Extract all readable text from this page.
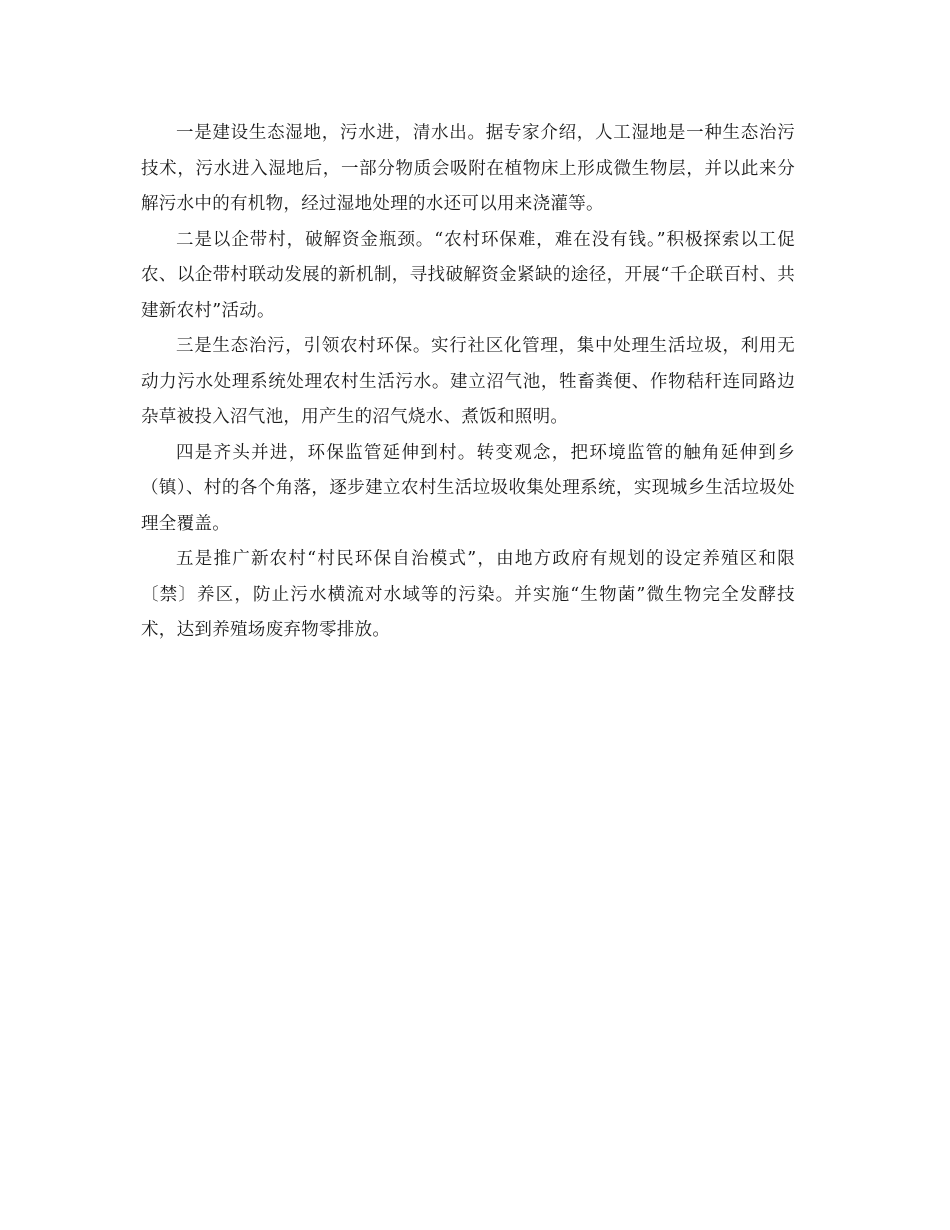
一是建设生态湿地，污水进，清水出。据专家介绍，人工湿地是一种生态治污技术，污水进入湿地后，一部分物质会吸附在植物床上形成微生物层，并以此来分解污水中的有机物，经过湿地处理的水还可以用来浇灌等。

二是以企带村，破解资金瓶颈。“农村环保难，难在没有钱。”积极探索以工促农、以企带村联动发展的新机制，寻找破解资金紧缺的途径，开展“千企联百村、共建新农村”活动。

三是生态治污，引领农村环保。实行社区化管理，集中处理生活垃圾，利用无动力污水处理系统处理农村生活污水。建立沼气池，牲畜粪便、作物秸秆连同路边杂草被投入沼气池，用产生的沼气烧水、煮饭和照明。

四是齐头并进，环保监管延伸到村。转变观念，把环境监管的触角延伸到乡（镇）、村的各个角落，逐步建立农村生活垃圾收集处理系统，实现城乡生活垃圾处理全覆盖。

五是推广新农村“村民环保自治模式”，由地方政府有规划的设定养殖区和限〔禁〕养区，防止污水横流对水域等的污染。并实施“生物菌”微生物完全发酵技术，达到养殖场废弃物零排放。
